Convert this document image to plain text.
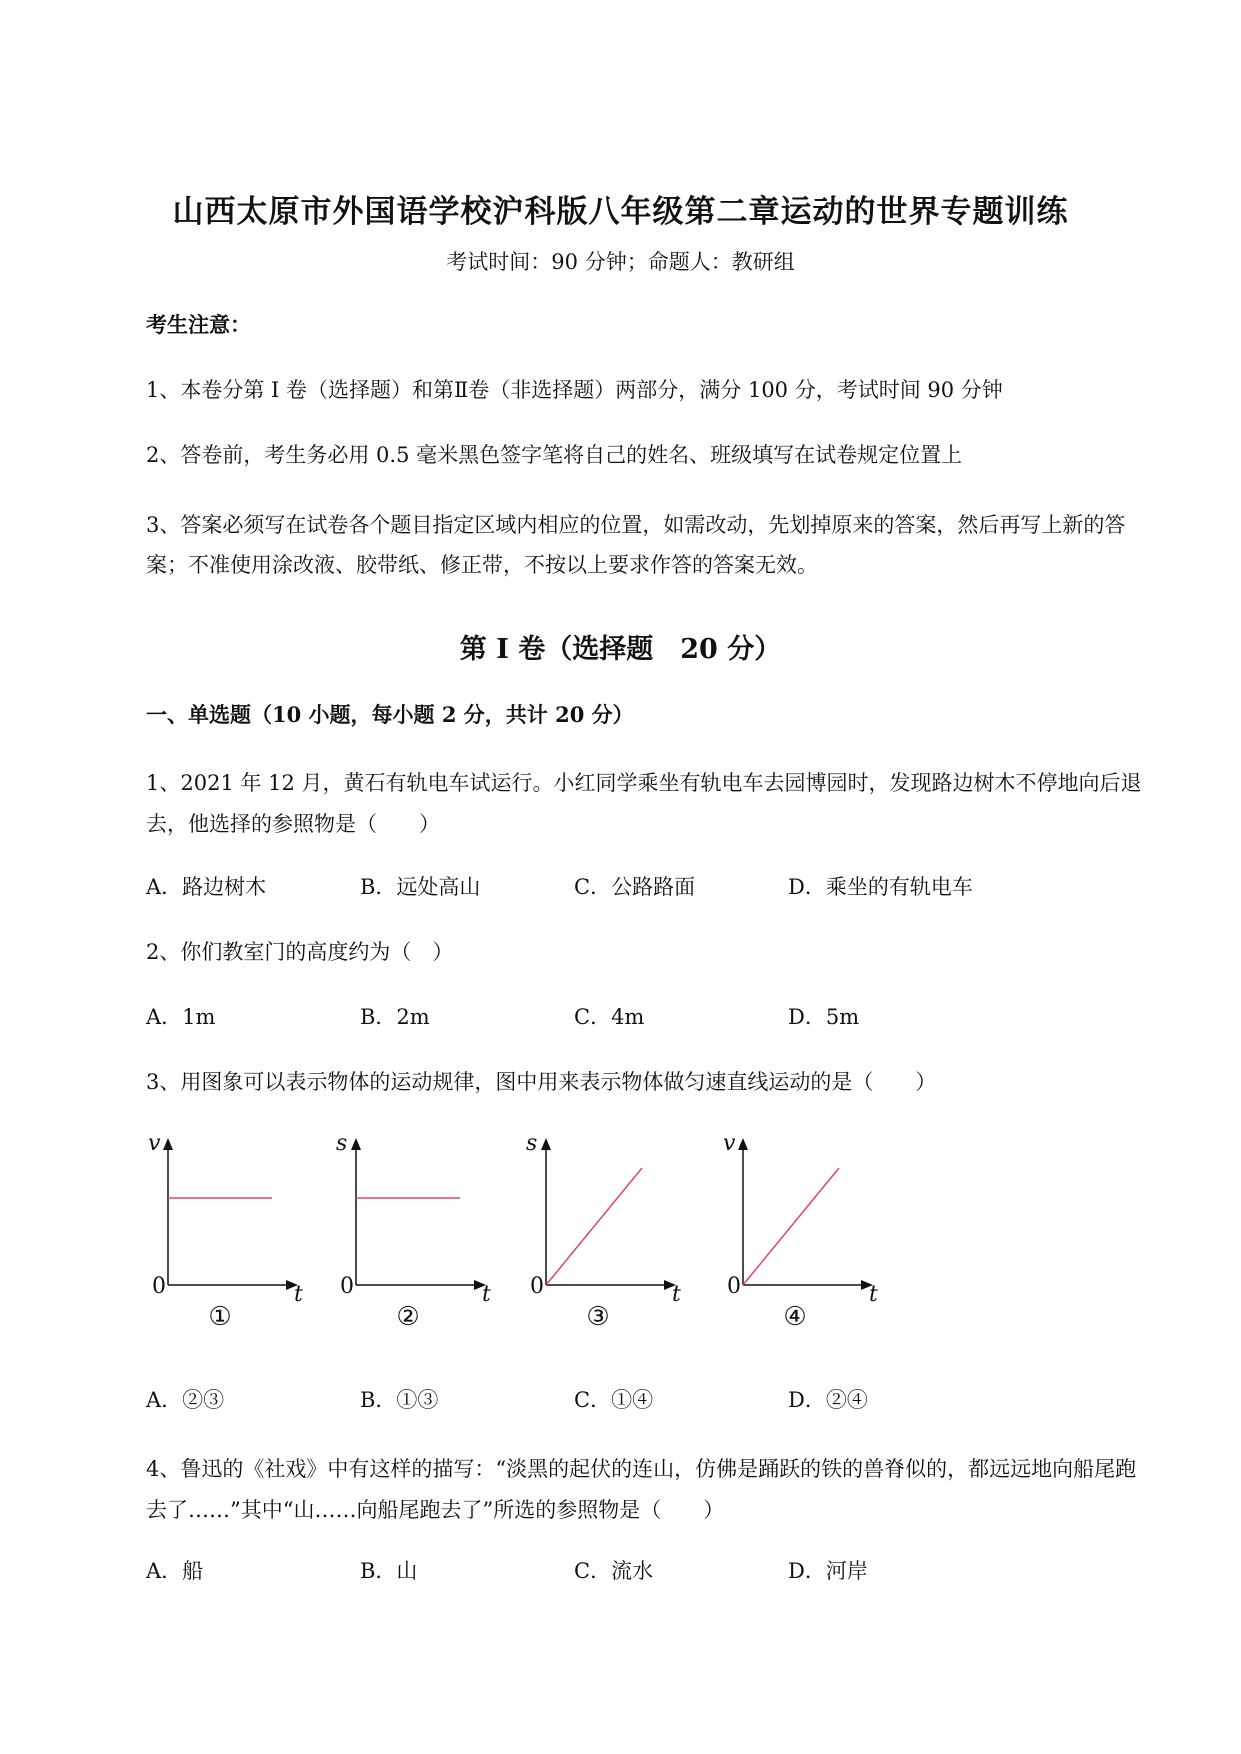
山西太原市外国语学校沪科版八年级第二章运动的世界专题训练
考试时间：90 分钟；命题人：教研组
考生注意：
1、本卷分第 I 卷（选择题）和第Ⅱ卷（非选择题）两部分，满分 100 分，考试时间 90 分钟
2、答卷前，考生务必用 0.5 毫米黑色签字笔将自己的姓名、班级填写在试卷规定位置上
3、答案必须写在试卷各个题目指定区域内相应的位置，如需改动，先划掉原来的答案，然后再写上新的答案；不准使用涂改液、胶带纸、修正带，不按以上要求作答的答案无效。
第 I 卷（选择题　20 分）
一、单选题（10 小题，每小题 2 分，共计 20 分）
1、2021 年 12 月，黄石有轨电车试运行。小红同学乘坐有轨电车去园博园时，发现路边树木不停地向后退去，他选择的参照物是（　　）
A．路边树木	B．远处高山	C．公路路面	D．乘坐的有轨电车
2、你们教室门的高度约为（　）
A．1m	B．2m	C．4m	D．5m
3、用图象可以表示物体的运动规律，图中用来表示物体做匀速直线运动的是（　　）
v
t
0
①
s
t
0
②
s
t
0
③
v
t
0
④
A．②③	B．①③	C．①④	D．②④
4、鲁迅的《社戏》中有这样的描写：“淡黑的起伏的连山，仿佛是踊跃的铁的兽脊似的，都远远地向船尾跑去了……”其中“山……向船尾跑去了”所选的参照物是（　　）
A．船	B．山	C．流水	D．河岸
